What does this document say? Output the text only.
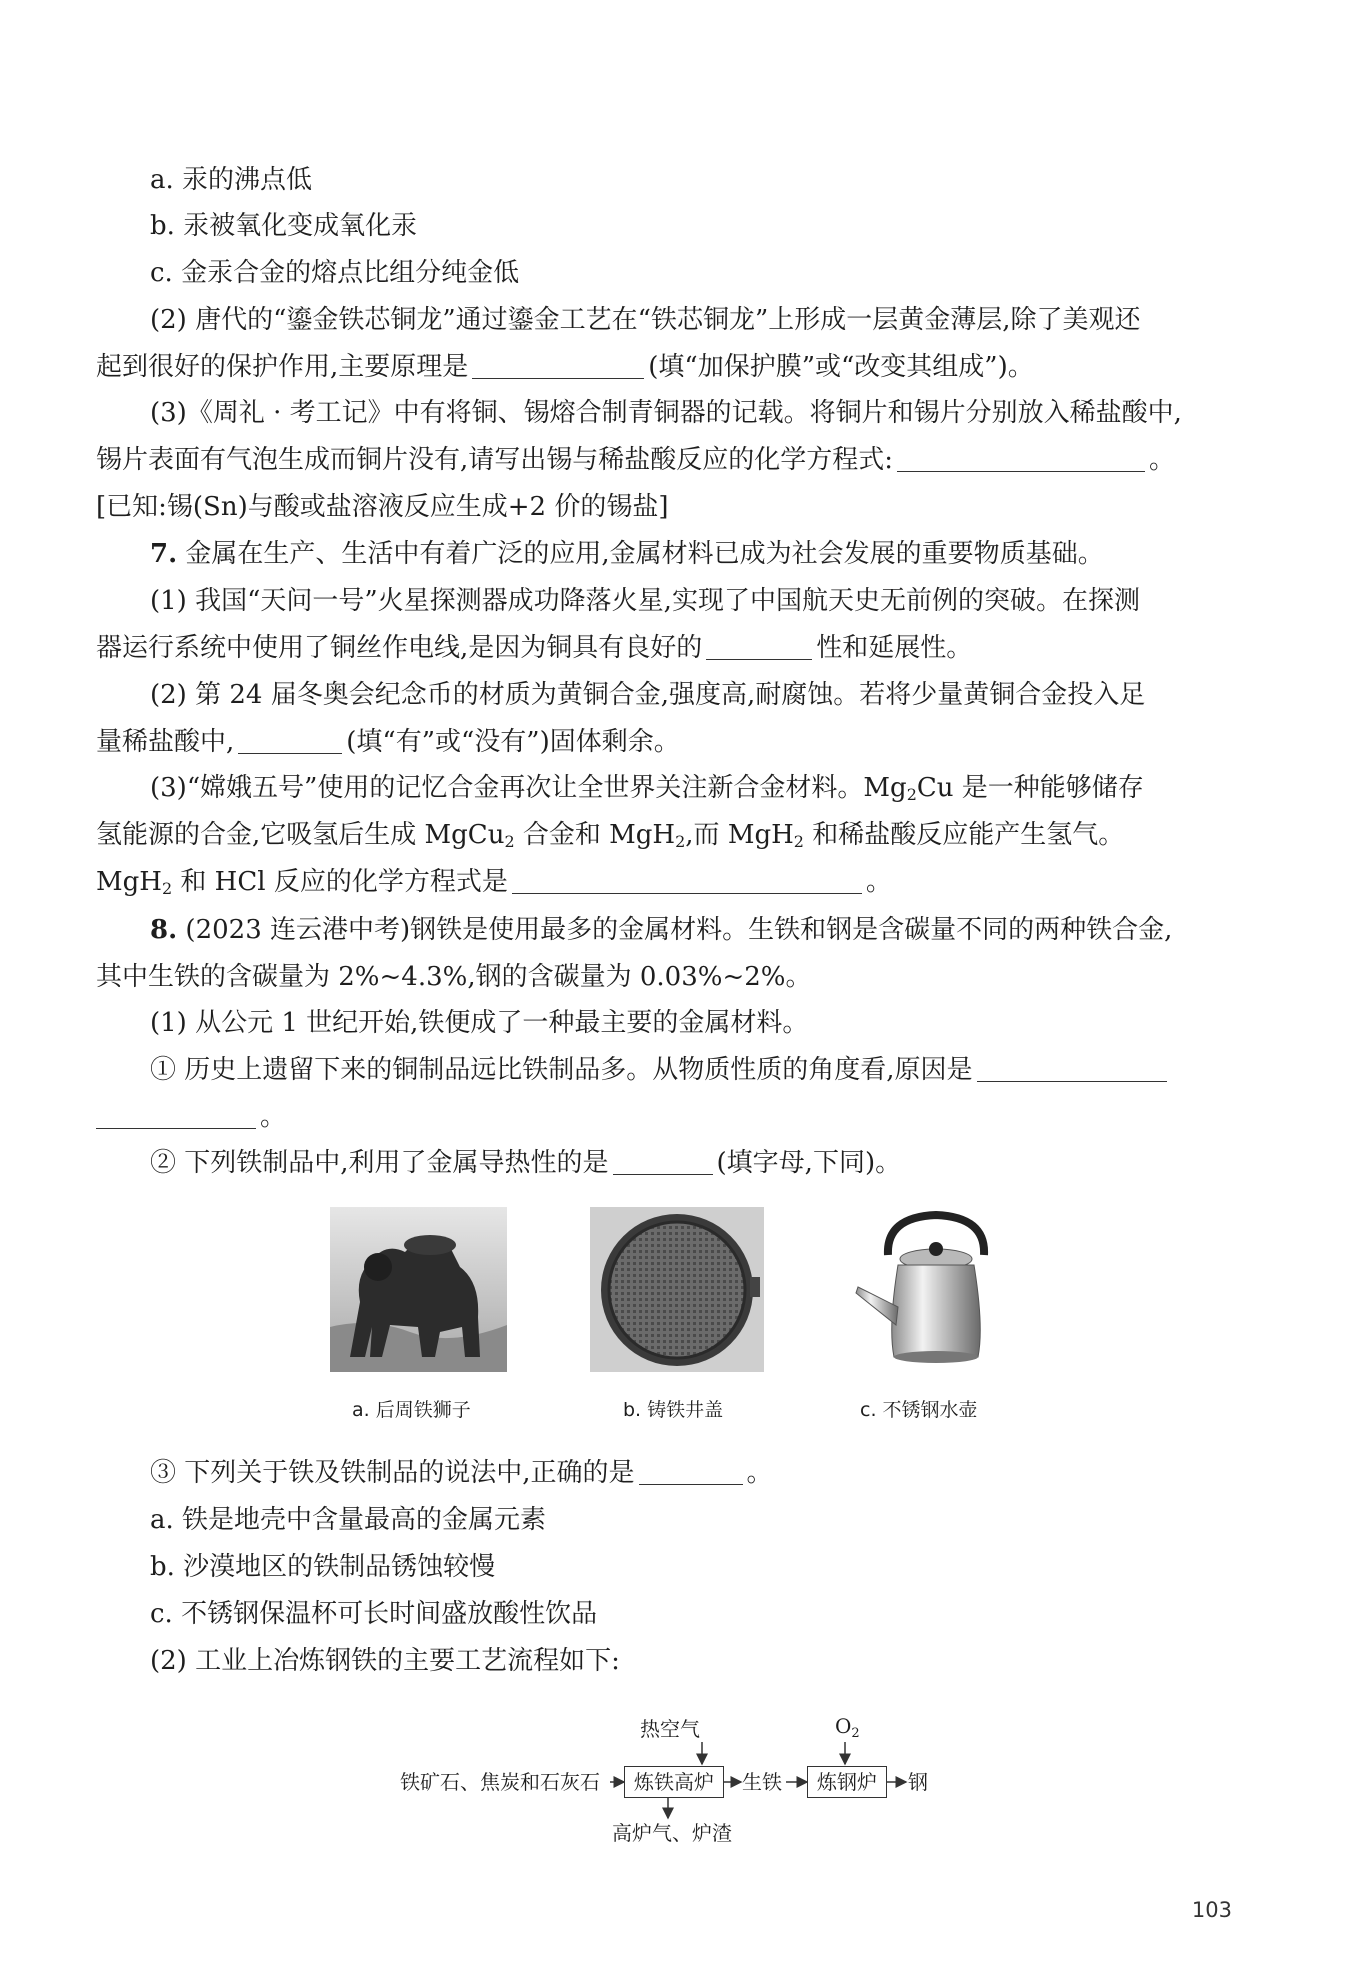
a. 汞的沸点低
b. 汞被氧化变成氧化汞
c. 金汞合金的熔点比组分纯金低
(2) 唐代的“鎏金铁芯铜龙”通过鎏金工艺在“铁芯铜龙”上形成一层黄金薄层,除了美观还
起到很好的保护作用,主要原理是	(填“加保护膜”或“改变其组成”)。
(3)《周礼 · 考工记》中有将铜、锡熔合制青铜器的记载。将铜片和锡片分别放入稀盐酸中,
锡片表面有气泡生成而铜片没有,请写出锡与稀盐酸反应的化学方程式:	。
[已知:锡(Sn)与酸或盐溶液反应生成+2 价的锡盐]
7. 金属在生产、生活中有着广泛的应用,金属材料已成为社会发展的重要物质基础。
(1) 我国“天问一号”火星探测器成功降落火星,实现了中国航天史无前例的突破。在探测
器运行系统中使用了铜丝作电线,是因为铜具有良好的	性和延展性。
(2) 第 24 届冬奥会纪念币的材质为黄铜合金,强度高,耐腐蚀。若将少量黄铜合金投入足
量稀盐酸中,	(填“有”或“没有”)固体剩余。
(3)“嫦娥五号”使用的记忆合金再次让全世界关注新合金材料。$Mg_2Cu$ 是一种能够储存
氢能源的合金,它吸氢后生成 MgCu$_2$ 合金和 MgH$_2$,而 MgH$_2$ 和稀盐酸反应能产生氢气。
MgH$_2$ 和 HCl 反应的化学方程式是	。
8. (2023 连云港中考)钢铁是使用最多的金属材料。生铁和钢是含碳量不同的两种铁合金,
其中生铁的含碳量为 2%~4.3%,钢的含碳量为 0.03%~2%。
(1) 从公元 1 世纪开始,铁便成了一种最主要的金属材料。
① 历史上遗留下来的铜制品远比铁制品多。从物质性质的角度看,原因是
。
② 下列铁制品中,利用了金属导热性的是	(填字母,下同)。
a. 后周铁狮子	b. 铸铁井盖	c. 不锈钢水壶
③ 下列关于铁及铁制品的说法中,正确的是	。
a. 铁是地壳中含量最高的金属元素
b. 沙漠地区的铁制品锈蚀较慢
c. 不锈钢保温杯可长时间盛放酸性饮品
(2) 工业上冶炼钢铁的主要工艺流程如下:
热空气	$O_2$
铁矿石、焦炭和石灰石	炼铁高炉	生铁	炼钢炉	钢
高炉气、炉渣
103
